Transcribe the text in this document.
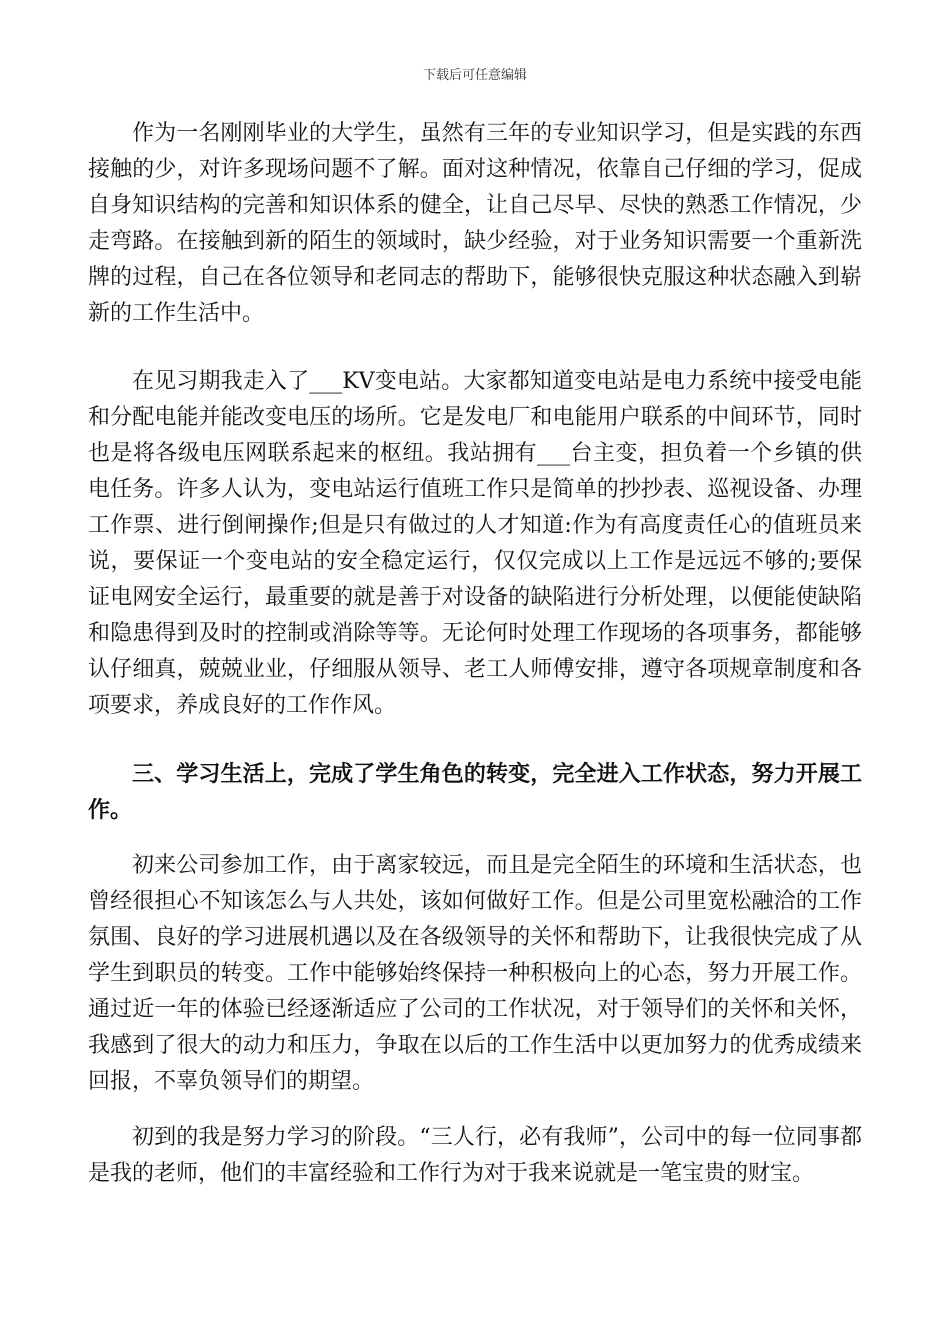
下载后可任意编辑

作为一名刚刚毕业的大学生，虽然有三年的专业知识学习，但是实践的东西接触的少，对许多现场问题不了解。面对这种情况，依靠自己仔细的学习，促成自身知识结构的完善和知识体系的健全，让自己尽早、尽快的熟悉工作情况，少走弯路。在接触到新的陌生的领域时，缺少经验，对于业务知识需要一个重新洗牌的过程，自己在各位领导和老同志的帮助下，能够很快克服这种状态融入到崭新的工作生活中。

在见习期我走入了___KV变电站。大家都知道变电站是电力系统中接受电能和分配电能并能改变电压的场所。它是发电厂和电能用户联系的中间环节，同时也是将各级电压网联系起来的枢纽。我站拥有___台主变，担负着一个乡镇的供电任务。许多人认为，变电站运行值班工作只是简单的抄抄表、巡视设备、办理工作票、进行倒闸操作;但是只有做过的人才知道:作为有高度责任心的值班员来说，要保证一个变电站的安全稳定运行，仅仅完成以上工作是远远不够的;要保证电网安全运行，最重要的就是善于对设备的缺陷进行分析处理，以便能使缺陷和隐患得到及时的控制或消除等等。无论何时处理工作现场的各项事务，都能够认仔细真，兢兢业业，仔细服从领导、老工人师傅安排，遵守各项规章制度和各项要求，养成良好的工作作风。

三、学习生活上，完成了学生角色的转变，完全进入工作状态，努力开展工作。

初来公司参加工作，由于离家较远，而且是完全陌生的环境和生活状态，也曾经很担心不知该怎么与人共处，该如何做好工作。但是公司里宽松融洽的工作氛围、良好的学习进展机遇以及在各级领导的关怀和帮助下，让我很快完成了从学生到职员的转变。工作中能够始终保持一种积极向上的心态，努力开展工作。通过近一年的体验已经逐渐适应了公司的工作状况，对于领导们的关怀和关怀，我感到了很大的动力和压力，争取在以后的工作生活中以更加努力的优秀成绩来回报，不辜负领导们的期望。

初到的我是努力学习的阶段。“三人行，必有我师”，公司中的每一位同事都是我的老师，他们的丰富经验和工作行为对于我来说就是一笔宝贵的财宝。
